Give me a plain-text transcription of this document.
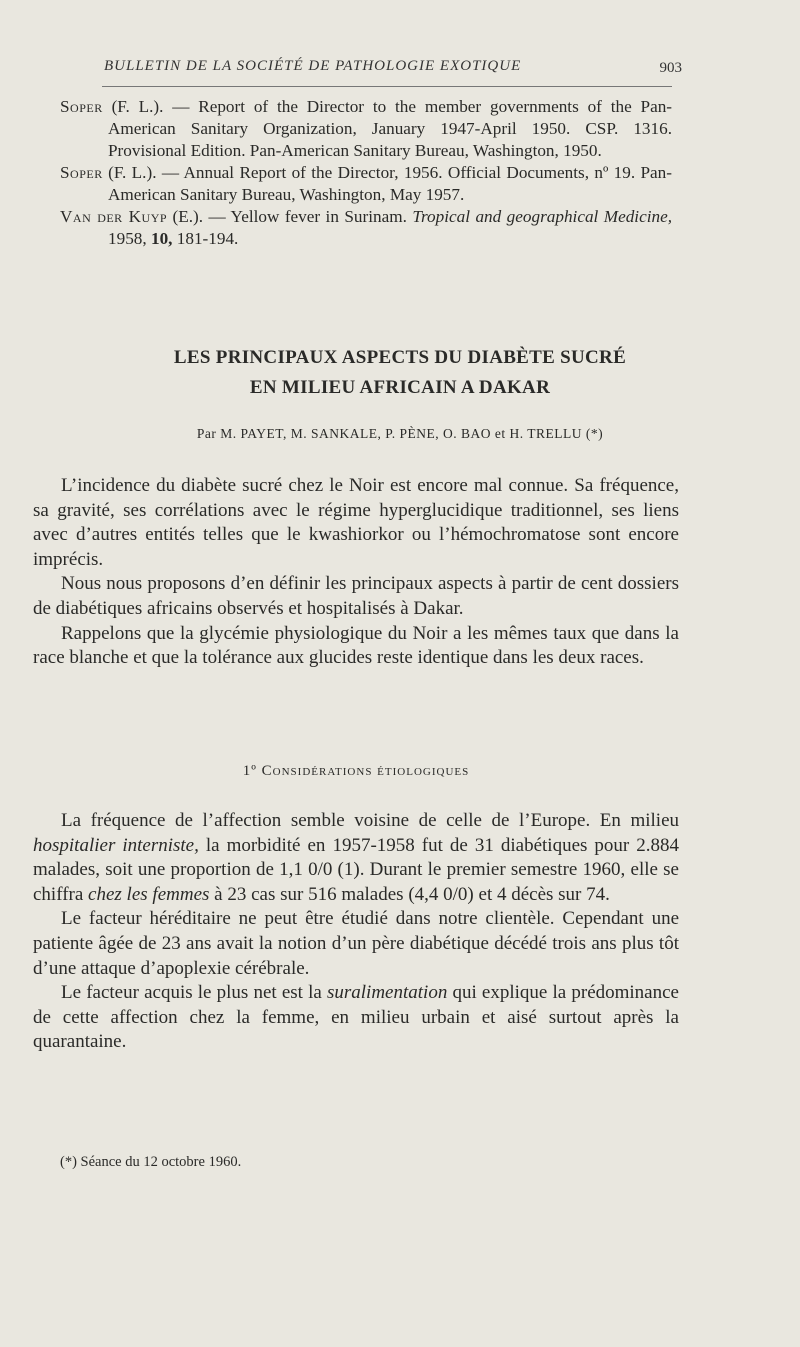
BULLETIN DE LA SOCIÉTÉ DE PATHOLOGIE EXOTIQUE	903

Soper (F. L.). — Report of the Director to the member governments of the Pan-American Sanitary Organization, January 1947-April 1950. CSP. 1316. Provisional Edition. Pan-American Sanitary Bureau, Washington, 1950.

Soper (F. L.). — Annual Report of the Director, 1956. Official Documents, nº 19. Pan-American Sanitary Bureau, Washington, May 1957.

Van der Kuyp (E.). — Yellow fever in Surinam. Tropical and geographical Medicine, 1958, 10, 181-194.

LES PRINCIPAUX ASPECTS DU DIABÈTE SUCRÉ
EN MILIEU AFRICAIN A DAKAR
Par M. PAYET, M. SANKALE, P. PÈNE, O. BAO et H. TRELLU (*)

L’incidence du diabète sucré chez le Noir est encore mal connue. Sa fréquence, sa gravité, ses corrélations avec le régime hyperglucidique traditionnel, ses liens avec d’autres entités telles que le kwashiorkor ou l’hémochromatose sont encore imprécis.

Nous nous proposons d’en définir les principaux aspects à partir de cent dossiers de diabétiques africains observés et hospitalisés à Dakar.

Rappelons que la glycémie physiologique du Noir a les mêmes taux que dans la race blanche et que la tolérance aux glucides reste identique dans les deux races.

1º Considérations étiologiques

La fréquence de l’affection semble voisine de celle de l’Europe. En milieu hospitalier interniste, la morbidité en 1957-1958 fut de 31 diabétiques pour 2.884 malades, soit une proportion de 1,1 0/0 (1). Durant le premier semestre 1960, elle se chiffra chez les femmes à 23 cas sur 516 malades (4,4 0/0) et 4 décès sur 74.

Le facteur héréditaire ne peut être étudié dans notre clientèle. Cependant une patiente âgée de 23 ans avait la notion d’un père diabétique décédé trois ans plus tôt d’une attaque d’apoplexie cérébrale.

Le facteur acquis le plus net est la suralimentation qui explique la prédominance de cette affection chez la femme, en milieu urbain et aisé surtout après la quarantaine.

(*) Séance du 12 octobre 1960.
